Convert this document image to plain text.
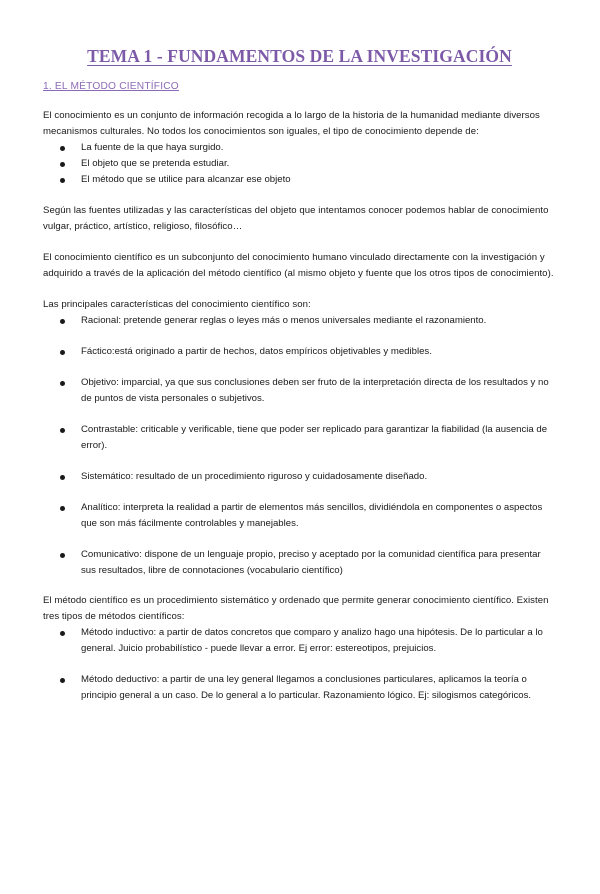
TEMA 1 - FUNDAMENTOS DE LA INVESTIGACIÓN
1. EL MÉTODO CIENTÍFICO

El conocimiento es un conjunto de información recogida a lo largo de la historia de la humanidad mediante diversos mecanismos culturales. No todos los conocimientos son iguales, el tipo de conocimiento depende de:

La fuente de la que haya surgido.
El objeto que se pretenda estudiar.
El método que se utilice para alcanzar ese objeto

Según las fuentes utilizadas y las características del objeto que intentamos conocer podemos hablar de conocimiento vulgar, práctico, artístico, religioso, filosófico…

El conocimiento científico es un subconjunto del conocimiento humano vinculado directamente con la investigación y adquirido a través de la aplicación del método científico (al mismo objeto y fuente que los otros tipos de conocimiento).

Las principales características del conocimiento científico son:

Racional: pretende generar reglas o leyes más o menos universales mediante el razonamiento.
Fáctico:está originado a partir de hechos, datos empíricos objetivables y medibles.
Objetivo: imparcial, ya que sus conclusiones deben ser fruto de la interpretación directa de los resultados y no de puntos de vista personales o subjetivos.
Contrastable: criticable y verificable, tiene que poder ser replicado para garantizar la fiabilidad (la ausencia de error).
Sistemático: resultado de un procedimiento riguroso y cuidadosamente diseñado.
Analítico: interpreta la realidad a partir de elementos más sencillos, dividiéndola en componentes o aspectos que son más fácilmente controlables y manejables.
Comunicativo: dispone de un lenguaje propio, preciso y aceptado por la comunidad científica para presentar sus resultados, libre de connotaciones (vocabulario científico)

El método científico es un procedimiento sistemático y ordenado que permite generar conocimiento científico. Existen tres tipos de métodos científicos:

Método inductivo: a partir de datos concretos que comparo y analizo hago una hipótesis. De lo particular a lo general. Juicio probabilístico - puede llevar a error. Ej error: estereotipos, prejuicios.
Método deductivo: a partir de una ley general llegamos a conclusiones particulares, aplicamos la teoría o principio general a un caso. De lo general a lo particular. Razonamiento lógico. Ej: silogismos categóricos.
